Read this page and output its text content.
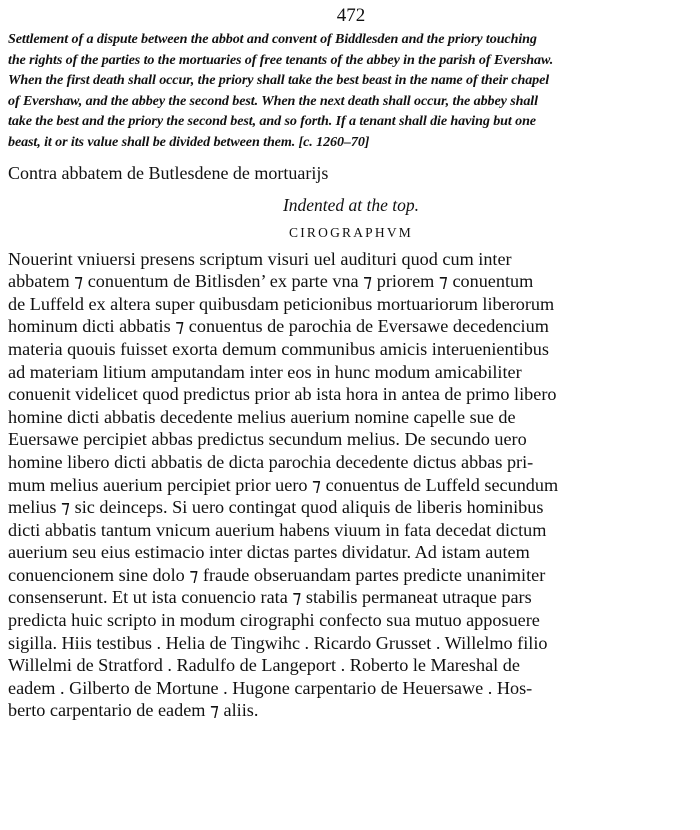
472
Settlement of a dispute between the abbot and convent of Biddlesden and the priory touching
the rights of the parties to the mortuaries of free tenants of the abbey in the parish of Evershaw.
When the first death shall occur, the priory shall take the best beast in the name of their chapel
of Evershaw, and the abbey the second best. When the next death shall occur, the abbey shall
take the best and the priory the second best, and so forth. If a tenant shall die having but one
beast, it or its value shall be divided between them. [c. 1260–70]
Contra abbatem de Butlesdene de mortuarijs
Indented at the top.
CIROGRAPHVM
Nouerint vniuersi presens scriptum visuri uel audituri quod cum inter
abbatem ⁊ conuentum de Bitlisden’ ex parte vna ⁊ priorem ⁊ conuentum
de Luffeld ex altera super quibusdam peticionibus mortuariorum liberorum
hominum dicti abbatis ⁊ conuentus de parochia de Eversawe decedencium
materia quouis fuisset exorta demum communibus amicis interuenientibus
ad materiam litium amputandam inter eos in hunc modum amicabiliter
conuenit videlicet quod predictus prior ab ista hora in antea de primo libero
homine dicti abbatis decedente melius auerium nomine capelle sue de
Euersawe percipiet abbas predictus secundum melius. De secundo uero
homine libero dicti abbatis de dicta parochia decedente dictus abbas pri-
mum melius auerium percipiet prior uero ⁊ conuentus de Luffeld secundum
melius ⁊ sic deinceps. Si uero contingat quod aliquis de liberis hominibus
dicti abbatis tantum vnicum auerium habens viuum in fata decedat dictum
auerium seu eius estimacio inter dictas partes dividatur. Ad istam autem
conuencionem sine dolo ⁊ fraude obseruandam partes predicte unanimiter
consenserunt. Et ut ista conuencio rata ⁊ stabilis permaneat utraque pars
predicta huic scripto in modum cirographi confecto sua mutuo apposuere
sigilla. Hiis testibus . Helia de Tingwihc . Ricardo Grusset . Willelmo filio
Willelmi de Stratford . Radulfo de Langeport . Roberto le Mareshal de
eadem . Gilberto de Mortune . Hugone carpentario de Heuersawe . Hos-
berto carpentario de eadem ⁊ aliis.
